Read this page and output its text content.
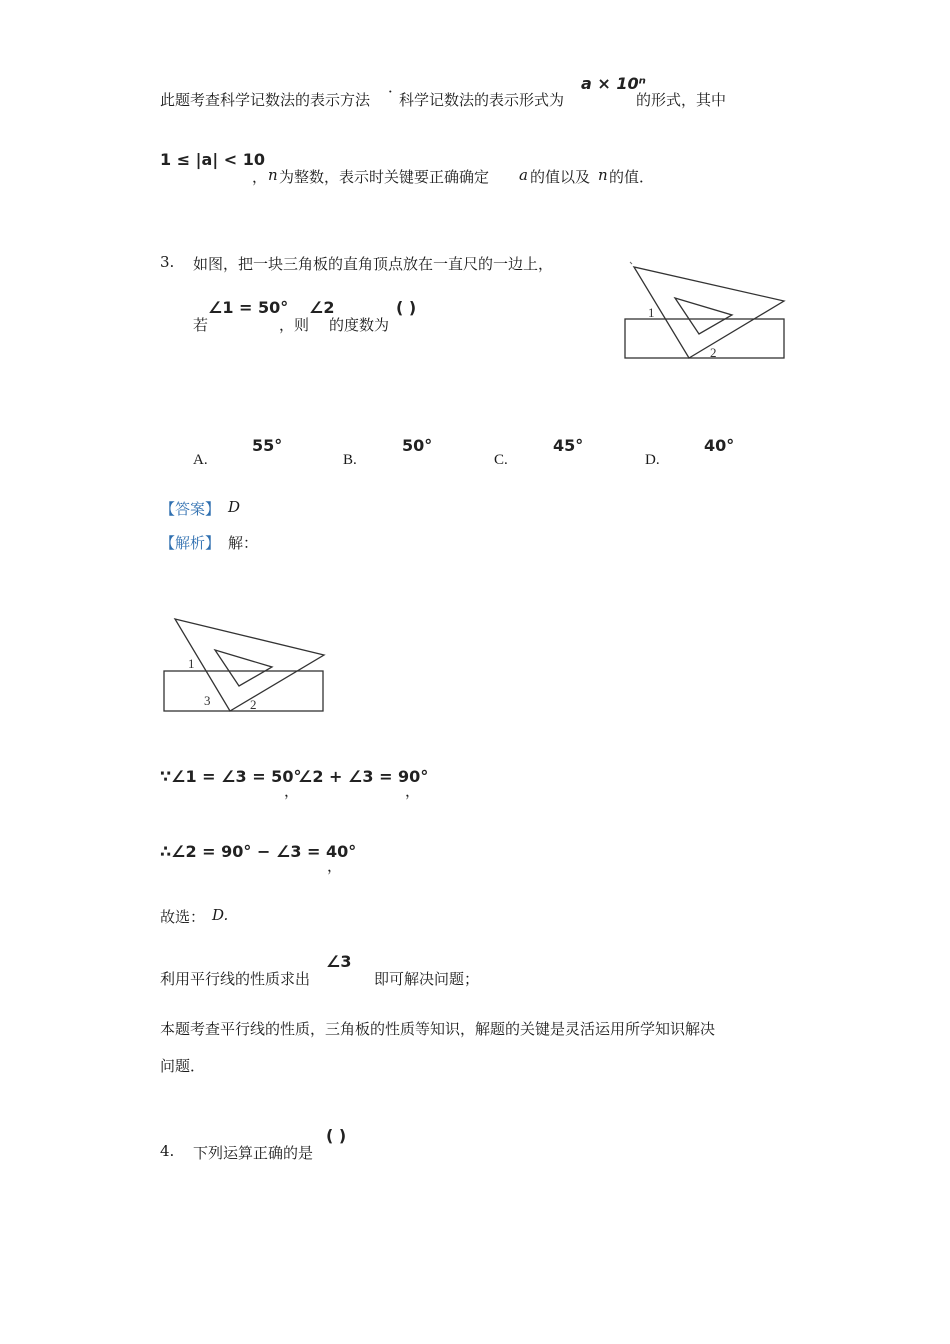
此题考查科学记数法的表示方法
．
科学记数法的表示形式为
a × 10ⁿ
的形式，其中
1 ≤ |a| < 10
， n 为整数，表示时关键要正确确定 a 的值以及 n 的值．
3. 如图，把一块三角板的直角顶点放在一直尺的一边上，
若
∠1 = 50°
，则
∠2
的度数为
( )	1
2
A.
55°
B.
50°
C.
45°
D.
40°
【答案】 D
【解析】 解：
1
3	2
∵∠1 = ∠3 = 50°
，
∠2 + ∠3 = 90°
，
∴∠2 = 90° − ∠3 = 40°
，
故选： D.
利用平行线的性质求出
∠3
即可解决问题；
本题考查平行线的性质，三角板的性质等知识，解题的关键是灵活运用所学知识解决
问题．
4. 下列运算正确的是
( )
